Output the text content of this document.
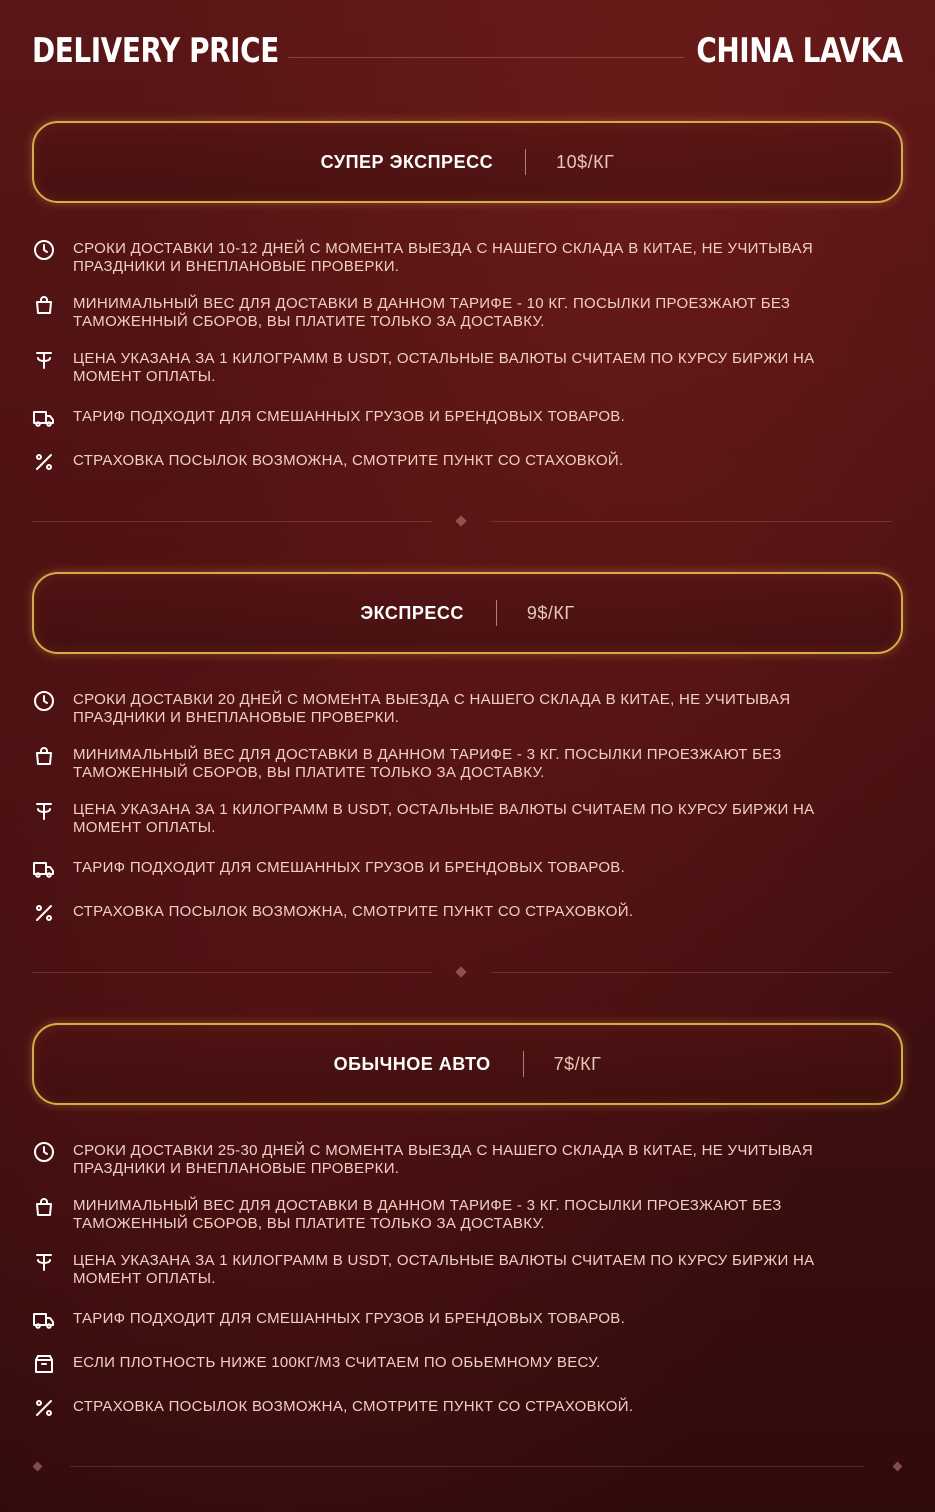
DELIVERY PRICE	CHINA LAVKA
СУПЕР ЭКСПРЕСС	10$/КГ
СРОКИ ДОСТАВКИ 10-12 ДНЕЙ С МОМЕНТА ВЫЕЗДА С НАШЕГО СКЛАДА В КИТАЕ, НЕ УЧИТЫВАЯ ПРАЗДНИКИ И ВНЕПЛАНОВЫЕ ПРОВЕРКИ.
МИНИМАЛЬНЫЙ ВЕС ДЛЯ ДОСТАВКИ В ДАННОМ ТАРИФЕ - 10 КГ. ПОСЫЛКИ ПРОЕЗЖАЮТ БЕЗ ТАМОЖЕННЫЙ СБОРОВ, ВЫ ПЛАТИТЕ ТОЛЬКО ЗА ДОСТАВКУ.
ЦЕНА УКАЗАНА ЗА 1 КИЛОГРАММ В USDT, ОСТАЛЬНЫЕ ВАЛЮТЫ СЧИТАЕМ ПО КУРСУ БИРЖИ НА МОМЕНТ ОПЛАТЫ.
ТАРИФ ПОДХОДИТ ДЛЯ СМЕШАННЫХ ГРУЗОВ И БРЕНДОВЫХ ТОВАРОВ.
СТРАХОВКА ПОСЫЛОК ВОЗМОЖНА, СМОТРИТЕ ПУНКТ СО СТАХОВКОЙ.
ЭКСПРЕСС	9$/КГ
СРОКИ ДОСТАВКИ 20 ДНЕЙ С МОМЕНТА ВЫЕЗДА С НАШЕГО СКЛАДА В КИТАЕ, НЕ УЧИТЫВАЯ ПРАЗДНИКИ И ВНЕПЛАНОВЫЕ ПРОВЕРКИ.
МИНИМАЛЬНЫЙ ВЕС ДЛЯ ДОСТАВКИ В ДАННОМ ТАРИФЕ - 3 КГ. ПОСЫЛКИ ПРОЕЗЖАЮТ БЕЗ ТАМОЖЕННЫЙ СБОРОВ, ВЫ ПЛАТИТЕ ТОЛЬКО ЗА ДОСТАВКУ.
ЦЕНА УКАЗАНА ЗА 1 КИЛОГРАММ В USDT, ОСТАЛЬНЫЕ ВАЛЮТЫ СЧИТАЕМ ПО КУРСУ БИРЖИ НА МОМЕНТ ОПЛАТЫ.
ТАРИФ ПОДХОДИТ ДЛЯ СМЕШАННЫХ ГРУЗОВ И БРЕНДОВЫХ ТОВАРОВ.
СТРАХОВКА ПОСЫЛОК ВОЗМОЖНА, СМОТРИТЕ ПУНКТ СО СТРАХОВКОЙ.
ОБЫЧНОЕ АВТО	7$/КГ
СРОКИ ДОСТАВКИ 25-30 ДНЕЙ С МОМЕНТА ВЫЕЗДА С НАШЕГО СКЛАДА В КИТАЕ, НЕ УЧИТЫВАЯ ПРАЗДНИКИ И ВНЕПЛАНОВЫЕ ПРОВЕРКИ.
МИНИМАЛЬНЫЙ ВЕС ДЛЯ ДОСТАВКИ В ДАННОМ ТАРИФЕ - 3 КГ. ПОСЫЛКИ ПРОЕЗЖАЮТ БЕЗ ТАМОЖЕННЫЙ СБОРОВ, ВЫ ПЛАТИТЕ ТОЛЬКО ЗА ДОСТАВКУ.
ЦЕНА УКАЗАНА ЗА 1 КИЛОГРАММ В USDT, ОСТАЛЬНЫЕ ВАЛЮТЫ СЧИТАЕМ ПО КУРСУ БИРЖИ НА МОМЕНТ ОПЛАТЫ.
ТАРИФ ПОДХОДИТ ДЛЯ СМЕШАННЫХ ГРУЗОВ И БРЕНДОВЫХ ТОВАРОВ.
ЕСЛИ ПЛОТНОСТЬ НИЖЕ 100КГ/М3 СЧИТАЕМ ПО ОБЬЕМНОМУ ВЕСУ.
СТРАХОВКА ПОСЫЛОК ВОЗМОЖНА, СМОТРИТЕ ПУНКТ СО СТРАХОВКОЙ.
